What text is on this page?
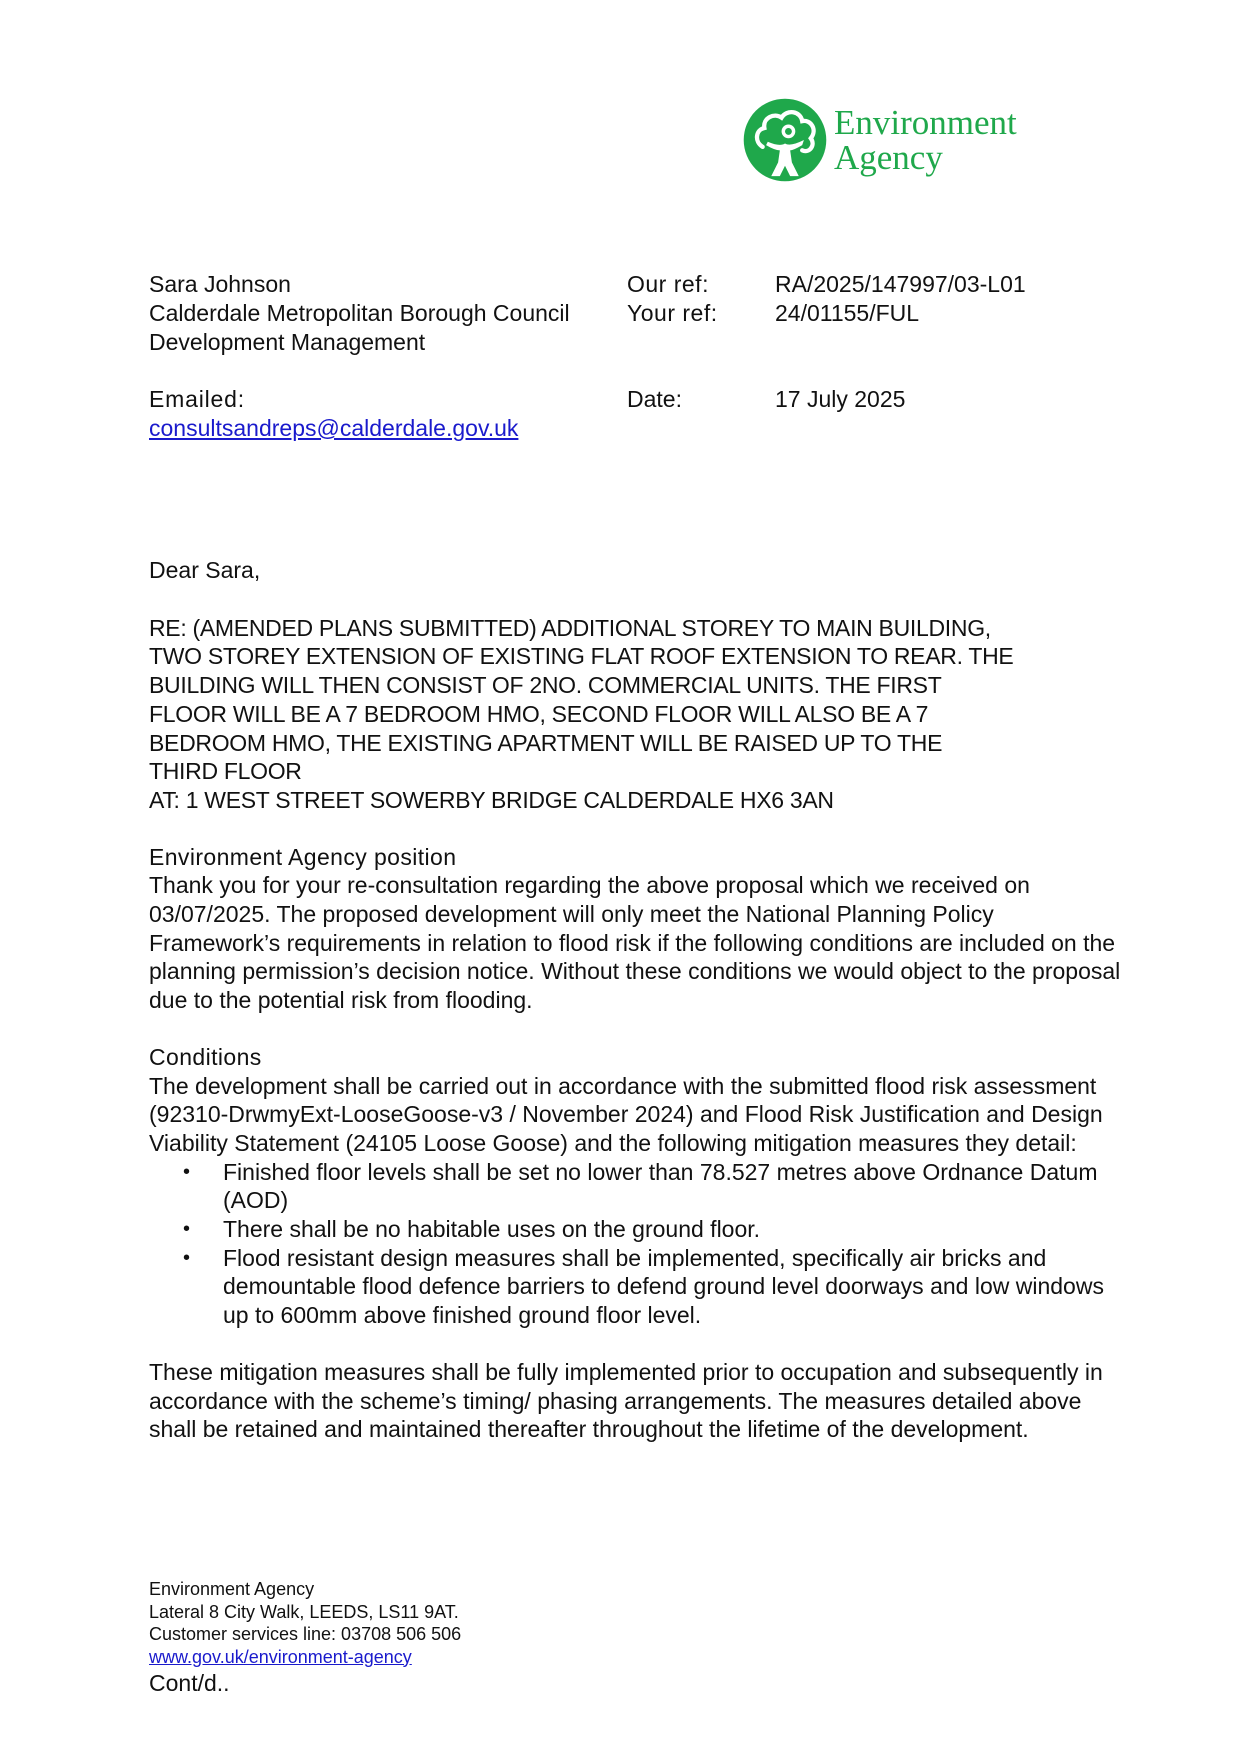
Environment
Agency
Sara Johnson
Calderdale Metropolitan Borough Council
Development Management
Our ref:	RA/2025/147997/03-L01
Your ref:	24/01155/FUL
Emailed:
consultsandreps@calderdale.gov.uk
Date:	17 July 2025

Dear Sara,

RE: (AMENDED PLANS SUBMITTED) ADDITIONAL STOREY TO MAIN BUILDING,
TWO STOREY EXTENSION OF EXISTING FLAT ROOF EXTENSION TO REAR. THE
BUILDING WILL THEN CONSIST OF 2NO. COMMERCIAL UNITS. THE FIRST
FLOOR WILL BE A 7 BEDROOM HMO, SECOND FLOOR WILL ALSO BE A 7
BEDROOM HMO, THE EXISTING APARTMENT WILL BE RAISED UP TO THE
THIRD FLOOR
AT: 1 WEST STREET SOWERBY BRIDGE CALDERDALE HX6 3AN
Environment Agency position

Thank you for your re-consultation regarding the above proposal which we received on 03/07/2025. The proposed development will only meet the National Planning Policy Framework’s requirements in relation to flood risk if the following conditions are included on the planning permission’s decision notice. Without these conditions we would object to the proposal due to the potential risk from flooding.

Conditions

The development shall be carried out in accordance with the submitted flood risk assessment (92310-DrwmyExt-LooseGoose-v3 / November 2024) and Flood Risk Justification and Design Viability Statement (24105 Loose Goose) and the following mitigation measures they detail:

• Finished floor levels shall be set no lower than 78.527 metres above Ordnance Datum (AOD)
• There shall be no habitable uses on the ground floor.
• Flood resistant design measures shall be implemented, specifically air bricks and demountable flood defence barriers to defend ground level doorways and low windows up to 600mm above finished ground floor level.

These mitigation measures shall be fully implemented prior to occupation and subsequently in accordance with the scheme’s timing/ phasing arrangements. The measures detailed above shall be retained and maintained thereafter throughout the lifetime of the development.

Environment Agency
Lateral 8 City Walk, LEEDS, LS11 9AT.
Customer services line: 03708 506 506
www.gov.uk/environment-agency
Cont/d..
